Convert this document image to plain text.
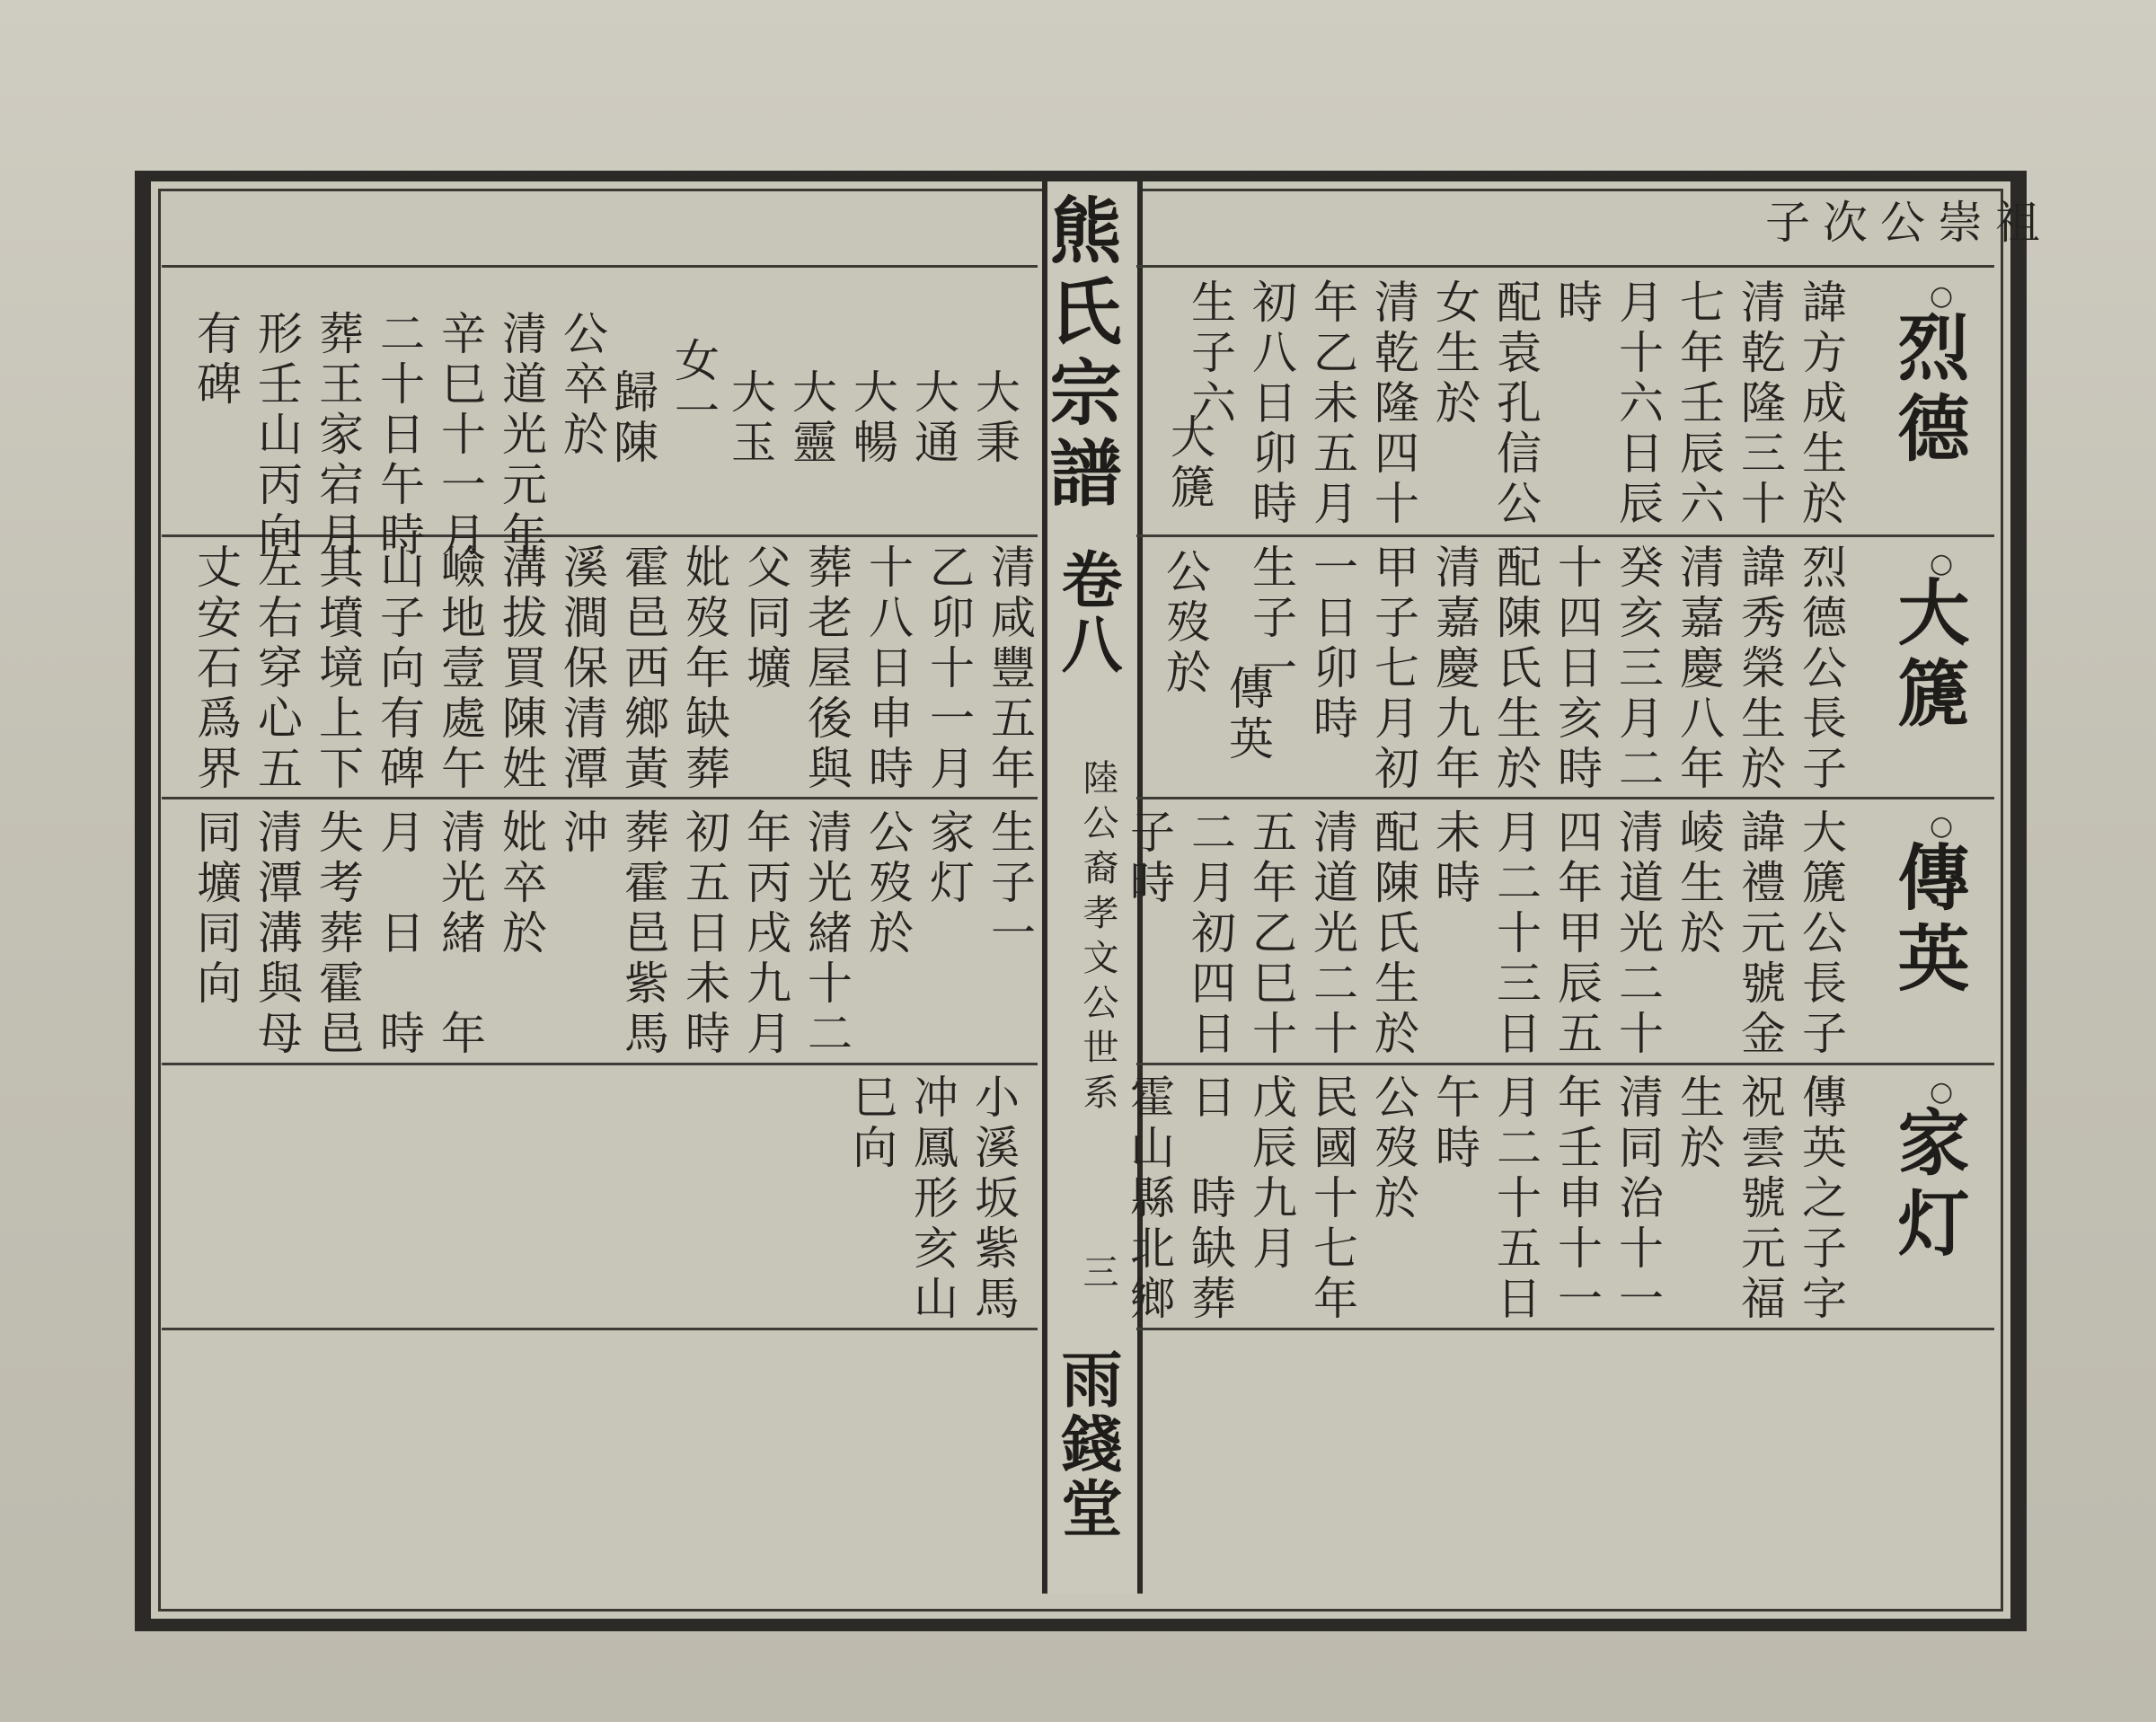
熊氏宗譜
卷八
陸公裔孝文公世系
三
雨錢堂
祖崇公次子
○
烈德
○
大篪
○
傳英
○
家灯
諱方成生於
清乾隆三十
七年壬辰六
月十六日辰
時
配袁孔信公
女生於
清乾隆四十
年乙未五月
初八日卯時
生子六
大篪
烈德公長子
諱秀榮生於
清嘉慶八年
癸亥三月二
十四日亥時
配陳氏生於
清嘉慶九年
甲子七月初
一日卯時
生子一
傳英
公歿於
大篪公長子
諱禮元號金
崚生於
清道光二十
四年甲辰五
月二十三日
未時
配陳氏生於
清道光二十
五年乙巳十
二月初四日
子時
傳英之子字
祝雲號元福
生於
清同治十一
年壬申十一
月二十五日
午時
公歿於
民國十七年
戊辰九月
日　時缺葬
霍山縣北鄉
大秉
大通
大暢
大靈
大玉
女一
歸陳
公卒於
清道光元年
辛巳十一月
二十日午時
葬王家宕月
形壬山丙向
有碑
清咸豐五年
乙卯十一月
十八日申時
葬老屋後與
父同壙
妣歿年缺葬
霍邑西鄉黃
溪澗保清潭
溝拔買陳姓
嶮地壹處午
山子向有碑
其墳境上下
左右穿心五
丈安石爲界
生子一
家灯
公歿於
清光緒十二
年丙戌九月
初五日未時
葬霍邑紫馬
沖
妣卒於
清光緒　年
月　日　時
失考葬霍邑
清潭溝與母
同壙同向
小溪坂紫馬
冲鳳形亥山
巳向
